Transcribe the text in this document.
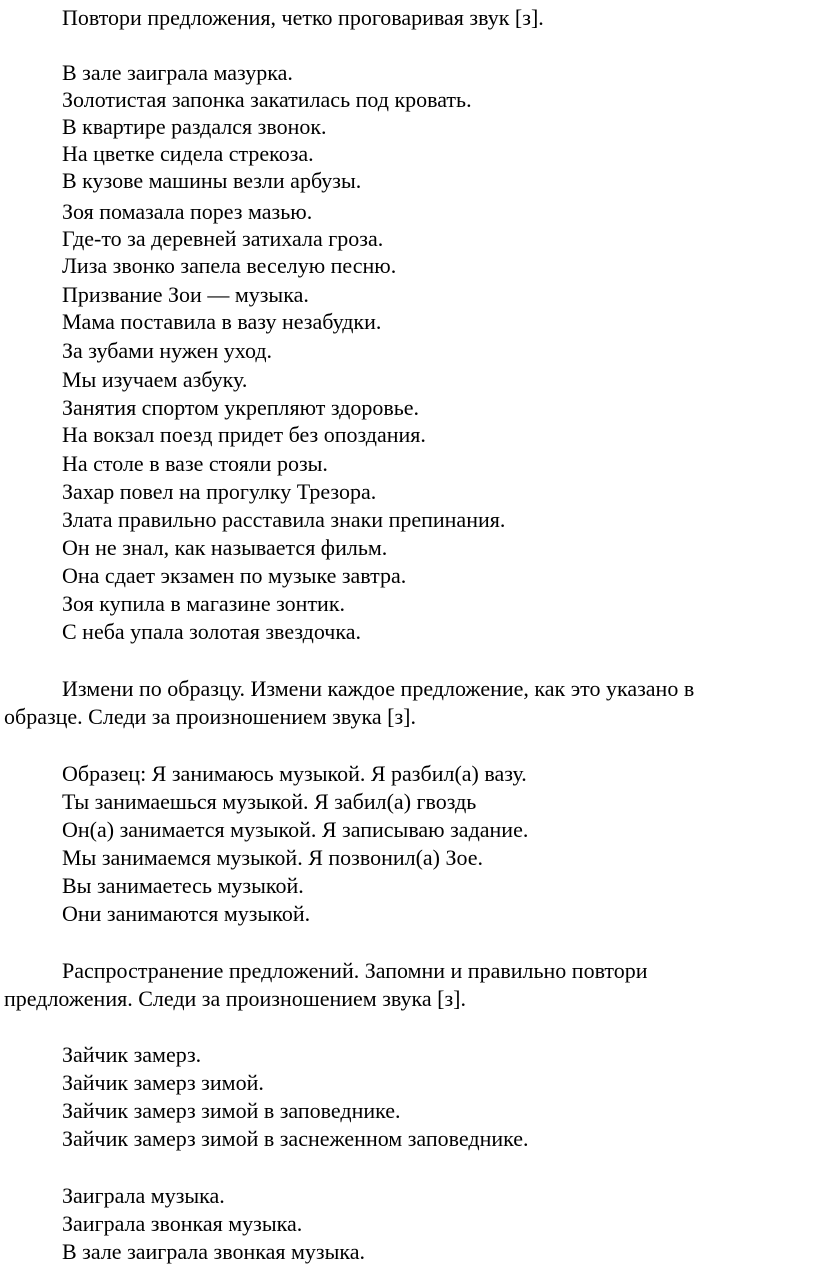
Повтори предложения, четко проговаривая звук [з].
В зале заиграла мазурка.
Золотистая запонка закатилась под кровать.
В квартире раздался звонок.
На цветке сидела стрекоза.
В кузове машины везли арбузы.
Зоя помазала порез мазью.
Где-то за деревней затихала гроза.
Лиза звонко запела веселую песню.
Призвание Зои — музыка.
Мама поставила в вазу незабудки.
За зубами нужен уход.
Мы изучаем азбуку.
Занятия спортом укрепляют здоровье.
На вокзал поезд придет без опоздания.
На столе в вазе стояли розы.
Захар повел на прогулку Трезора.
Злата правильно расставила знаки препинания.
Он не знал, как называется фильм.
Она сдает экзамен по музыке завтра.
Зоя купила в магазине зонтик.
С неба упала золотая звездочка.
Измени по образцу. Измени каждое предложение, как это указано в
образце. Следи за произношением звука [з].
Образец: Я занимаюсь музыкой. Я разбил(а) вазу.
Ты занимаешься музыкой. Я забил(а) гвоздь
Он(а) занимается музыкой. Я записываю задание.
Мы занимаемся музыкой. Я позвонил(а) Зое.
Вы занимаетесь музыкой.
Они занимаются музыкой.
Распространение предложений. Запомни и правильно повтори
предложения. Следи за произношением звука [з].
Зайчик замерз.
Зайчик замерз зимой.
Зайчик замерз зимой в заповеднике.
Зайчик замерз зимой в заснеженном заповеднике.
Заиграла музыка.
Заиграла звонкая музыка.
В зале заиграла звонкая музыка.
